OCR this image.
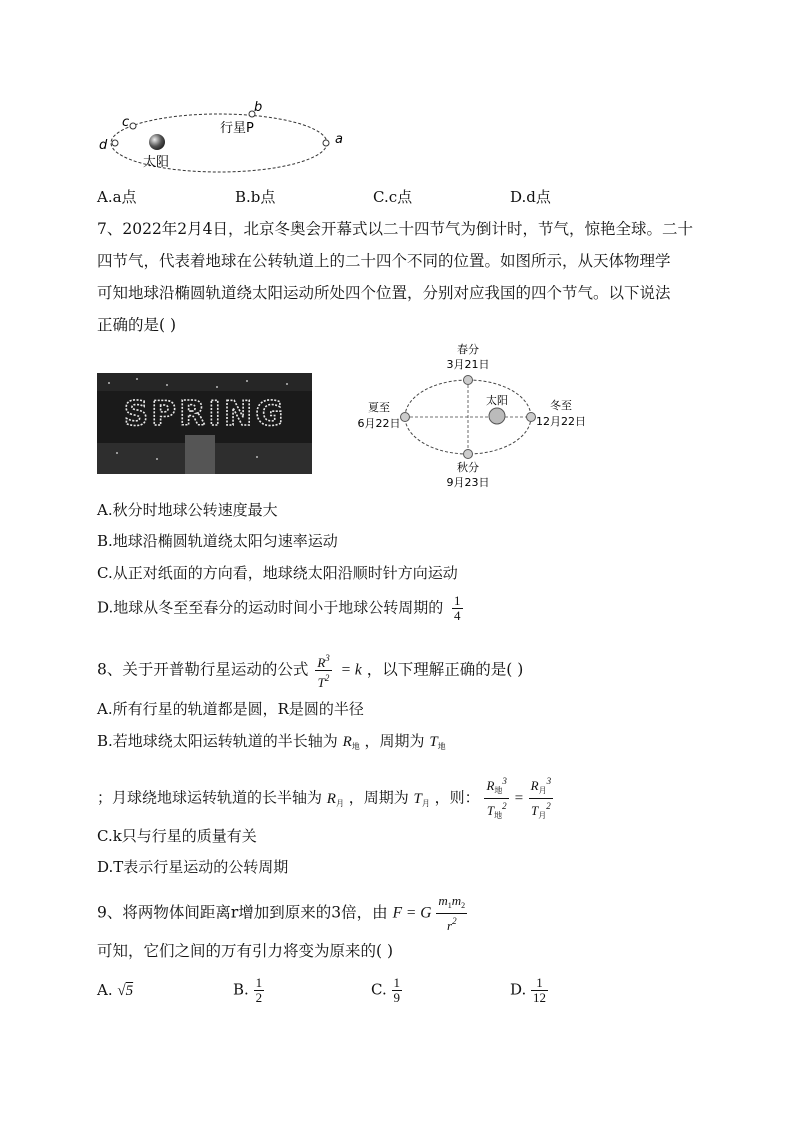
c
b
d	a
行星P
太阳
A.a点	B.b点	C.c点	D.d点
7、2022年2月4日，北京冬奥会开幕式以二十四节气为倒计时，节气，惊艳全球。二十
四节气，代表着地球在公转轨道上的二十四个不同的位置。如图所示，从天体物理学
可知地球沿椭圆轨道绕太阳运动所处四个位置，分别对应我国的四个节气。以下说法
正确的是( )
SPRING
春分
3月21日
夏至
6月22日
太阳	冬至
12月22日
秋分
9月23日
A.秋分时地球公转速度最大
B.地球沿椭圆轨道绕太阳匀速率运动
C.从正对纸面的方向看，地球绕太阳沿顺时针方向运动
D.地球从冬至至春分的运动时间小于地球公转周期的 $\frac{1}{4}$
8、关于开普勒行星运动的公式 $\frac{R^3}{T^2} = k$ ，以下理解正确的是( )
A.所有行星的轨道都是圆，R是圆的半径
B.若地球绕太阳运转轨道的半长轴为 $R_地$ ，周期为 $T_地$
；月球绕地球运转轨道的长半轴为 $R_月$ ，周期为 $T_月$ ，则： $\frac{R_地^3}{T_地^2} = \frac{R_月^3}{T_月^2}$
C.k只与行星的质量有关
D.T表示行星运动的公转周期
9、将两物体间距离r增加到原来的3倍，由 F = G $\frac{m_1m_2}{r^2}$
可知，它们之间的万有引力将变为原来的( )
A. √5	B. $\frac{1}{2}$	C. $\frac{1}{9}$	D. $\frac{1}{12}$
